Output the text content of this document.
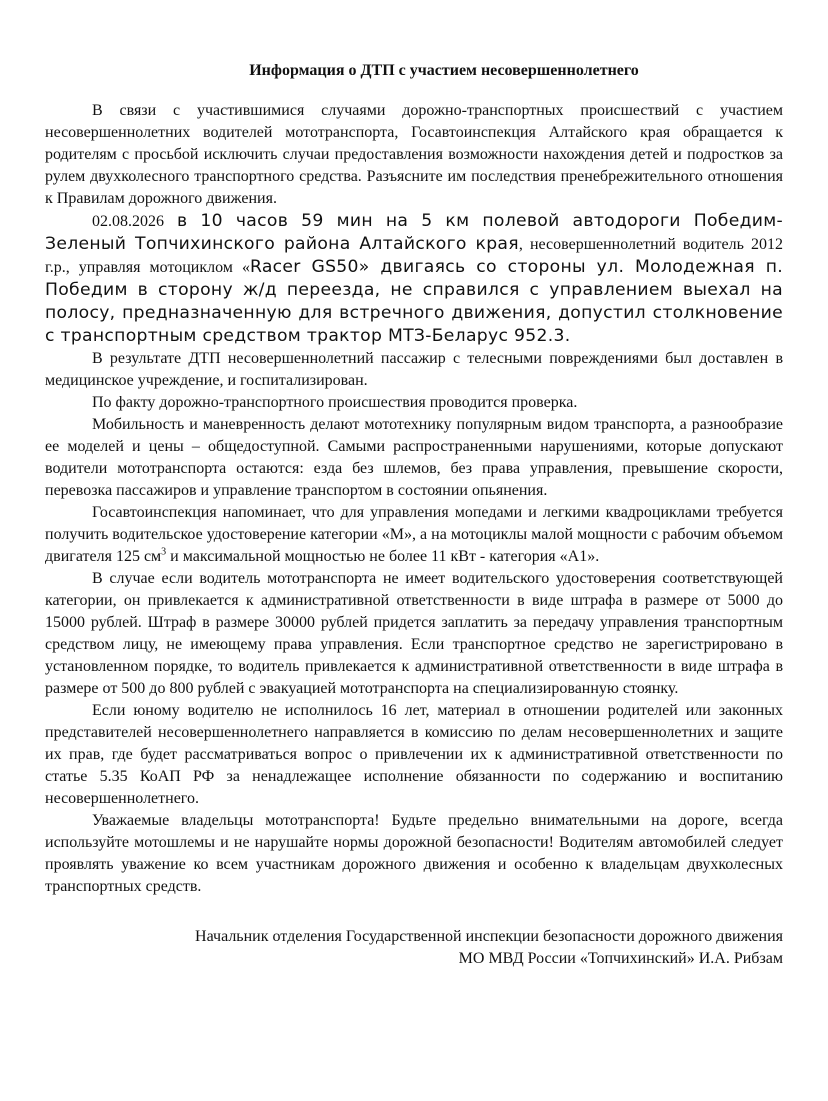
Информация о ДТП с участием несовершеннолетнего

В связи с участившимися случаями дорожно-транспортных происшествий с участием несовершеннолетних водителей мототранспорта, Госавтоинспекция Алтайского края обращается к родителям с просьбой исключить случаи предоставления возможности нахождения детей и подростков за рулем двухколесного транспортного средства. Разъясните им последствия пренебрежительного отношения к Правилам дорожного движения.

02.08.2026 в 10 часов 59 мин на 5 км полевой автодороги Победим-Зеленый Топчихинского района Алтайского края, несовершеннолетний водитель 2012 г.р., управляя мотоциклом «Racer GS50» двигаясь со стороны ул. Молодежная п. Победим в сторону ж/д переезда, не справился с управлением выехал на полосу, предназначенную для встречного движения, допустил столкновение с транспортным средством трактор МТЗ-Беларус 952.3.

В результате ДТП несовершеннолетний пассажир с телесными повреждениями был доставлен в медицинское учреждение, и госпитализирован.

По факту дорожно-транспортного происшествия проводится проверка.

Мобильность и маневренность делают мототехнику популярным видом транспорта, а разнообразие ее моделей и цены – общедоступной. Самыми распространенными нарушениями, которые допускают водители мототранспорта остаются: езда без шлемов, без права управления, превышение скорости, перевозка пассажиров и управление транспортом в состоянии опьянения.

Госавтоинспекция напоминает, что для управления мопедами и легкими квадроциклами требуется получить водительское удостоверение категории «М», а на мотоциклы малой мощности с рабочим объемом двигателя 125 $см^3$ и максимальной мощностью не более 11 кВт - категория «А1».

В случае если водитель мототранспорта не имеет водительского удостоверения соответствующей категории, он привлекается к административной ответственности в виде штрафа в размере от 5000 до 15000 рублей. Штраф в размере 30000 рублей придется заплатить за передачу управления транспортным средством лицу, не имеющему права управления. Если транспортное средство не зарегистрировано в установленном порядке, то водитель привлекается к административной ответственности в виде штрафа в размере от 500 до 800 рублей с эвакуацией мототранспорта на специализированную стоянку.

Если юному водителю не исполнилось 16 лет, материал в отношении родителей или законных представителей несовершеннолетнего направляется в комиссию по делам несовершеннолетних и защите их прав, где будет рассматриваться вопрос о привлечении их к административной ответственности по статье 5.35 КоАП РФ за ненадлежащее исполнение обязанности по содержанию и воспитанию несовершеннолетнего.

Уважаемые владельцы мототранспорта! Будьте предельно внимательными на дороге, всегда используйте мотошлемы и не нарушайте нормы дорожной безопасности! Водителям автомобилей следует проявлять уважение ко всем участникам дорожного движения и особенно к владельцам двухколесных транспортных средств.

Начальник отделения Государственной инспекции безопасности дорожного движения
МО МВД России «Топчихинский» И.А. Рибзам
